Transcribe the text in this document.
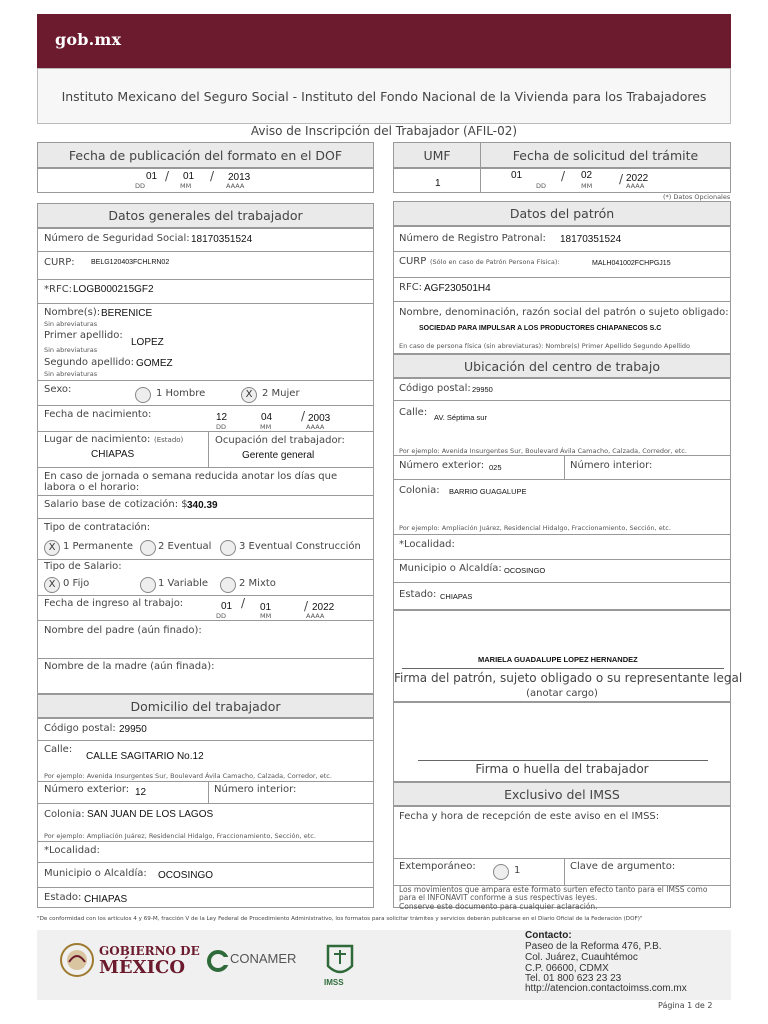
gob.mx
Instituto Mexicano del Seguro Social - Instituto del Fondo Nacional de la Vivienda para los Trabajadores
Aviso de Inscripción del Trabajador (AFIL-02)
Fecha de publicación del formato en el DOF
01 / 01 / 2013
DD	MM	AAAA
UMF	Fecha de solicitud del trámite
1
01	/ 02 / 2022
DD	MM	AAAA
(*) Datos Opcionales
Datos generales del trabajador
Número de Seguridad Social: 18170351524
CURP: BELG120403FCHLRN02
*RFC: LOGB000215GF2
Nombre(s): BERENICE
Sin abreviaturas
Primer apellido:
LOPEZ
Sin abreviaturas
Segundo apellido: GOMEZ
Sin abreviaturas
Sexo:	1 Hombre	X 2 Mujer
Fecha de nacimiento:	12	04 / 2003
DD	MM	AAAA
Lugar de nacimiento: (Estado)
CHIAPAS
Ocupación del trabajador:
Gerente general
En caso de jornada o semana reducida anotar los días que labora o el horario:
Salario base de cotización: $ 340.39
Tipo de contratación:
X 1 Permanente 2 Eventual	3 Eventual Construcción
Tipo de Salario:
X 0 Fijo	1 Variable	2 Mixto
Fecha de ingreso al trabajo:	01 / 01	/ 2022
DD	MM	AAAA
Nombre del padre (aún finado):
Nombre de la madre (aún finada):
Domicilio del trabajador
Código postal: 29950
Calle:
CALLE SAGITARIO No.12
Por ejemplo: Avenida Insurgentes Sur, Boulevard Ávila Camacho, Calzada, Corredor, etc.
Número exterior: 12	Número interior:
Colonia: SAN JUAN DE LOS LAGOS
Por ejemplo: Ampliación Juárez, Residencial Hidalgo, Fraccionamiento, Sección, etc.
*Localidad:
Municipio o Alcaldía: OCOSINGO
Estado: CHIAPAS
Datos del patrón
Número de Registro Patronal: 18170351524
CURP (Sólo en caso de Patrón Persona Física):	MALH041002FCHPGJ15
RFC: AGF230501H4
Nombre, denominación, razón social del patrón o sujeto obligado:
SOCIEDAD PARA IMPULSAR A LOS PRODUCTORES CHIAPANECOS S.C
En caso de persona física (sin abreviaturas): Nombre(s) Primer Apellido Segundo Apellido
Ubicación del centro de trabajo
Código postal: 29950
Calle: AV. Séptima sur
Por ejemplo: Avenida Insurgentes Sur, Boulevard Ávila Camacho, Calzada, Corredor, etc.
Número exterior: 025	Número interior:
Colonia: BARRIO GUAGALUPE
Por ejemplo: Ampliación Juárez, Residencial Hidalgo, Fraccionamiento, Sección, etc.
*Localidad:
Municipio o Alcaldía: OCOSINGO
Estado: CHIAPAS
MARIELA GUADALUPE LOPEZ HERNANDEZ
Firma del patrón, sujeto obligado o su representante legal
(anotar cargo)
Firma o huella del trabajador
Exclusivo del IMSS
Fecha y hora de recepción de este aviso en el IMSS:
Extemporáneo:	1	Clave de argumento:
Los movimientos que ampara este formato surten efecto tanto para el IMSS como para el INFONAVIT conforme a sus respectivas leyes.
Conserve este documento para cualquier aclaración.
"De conformidad con los artículos 4 y 69-M, fracción V de la Ley Federal de Procedimiento Administrativo, los formatos para solicitar trámites y servicios deberán publicarse en el Diario Oficial de la Federación (DOF)"
GOBIERNO DE
MÉXICO	CONAMER
IMSS
Contacto:
Paseo de la Reforma 476, P.B.
Col. Juárez, Cuauhtémoc
C.P. 06600, CDMX
Tel. 01 800 623 23 23
http://atencion.contactoimss.com.mx
Página 1 de 2
